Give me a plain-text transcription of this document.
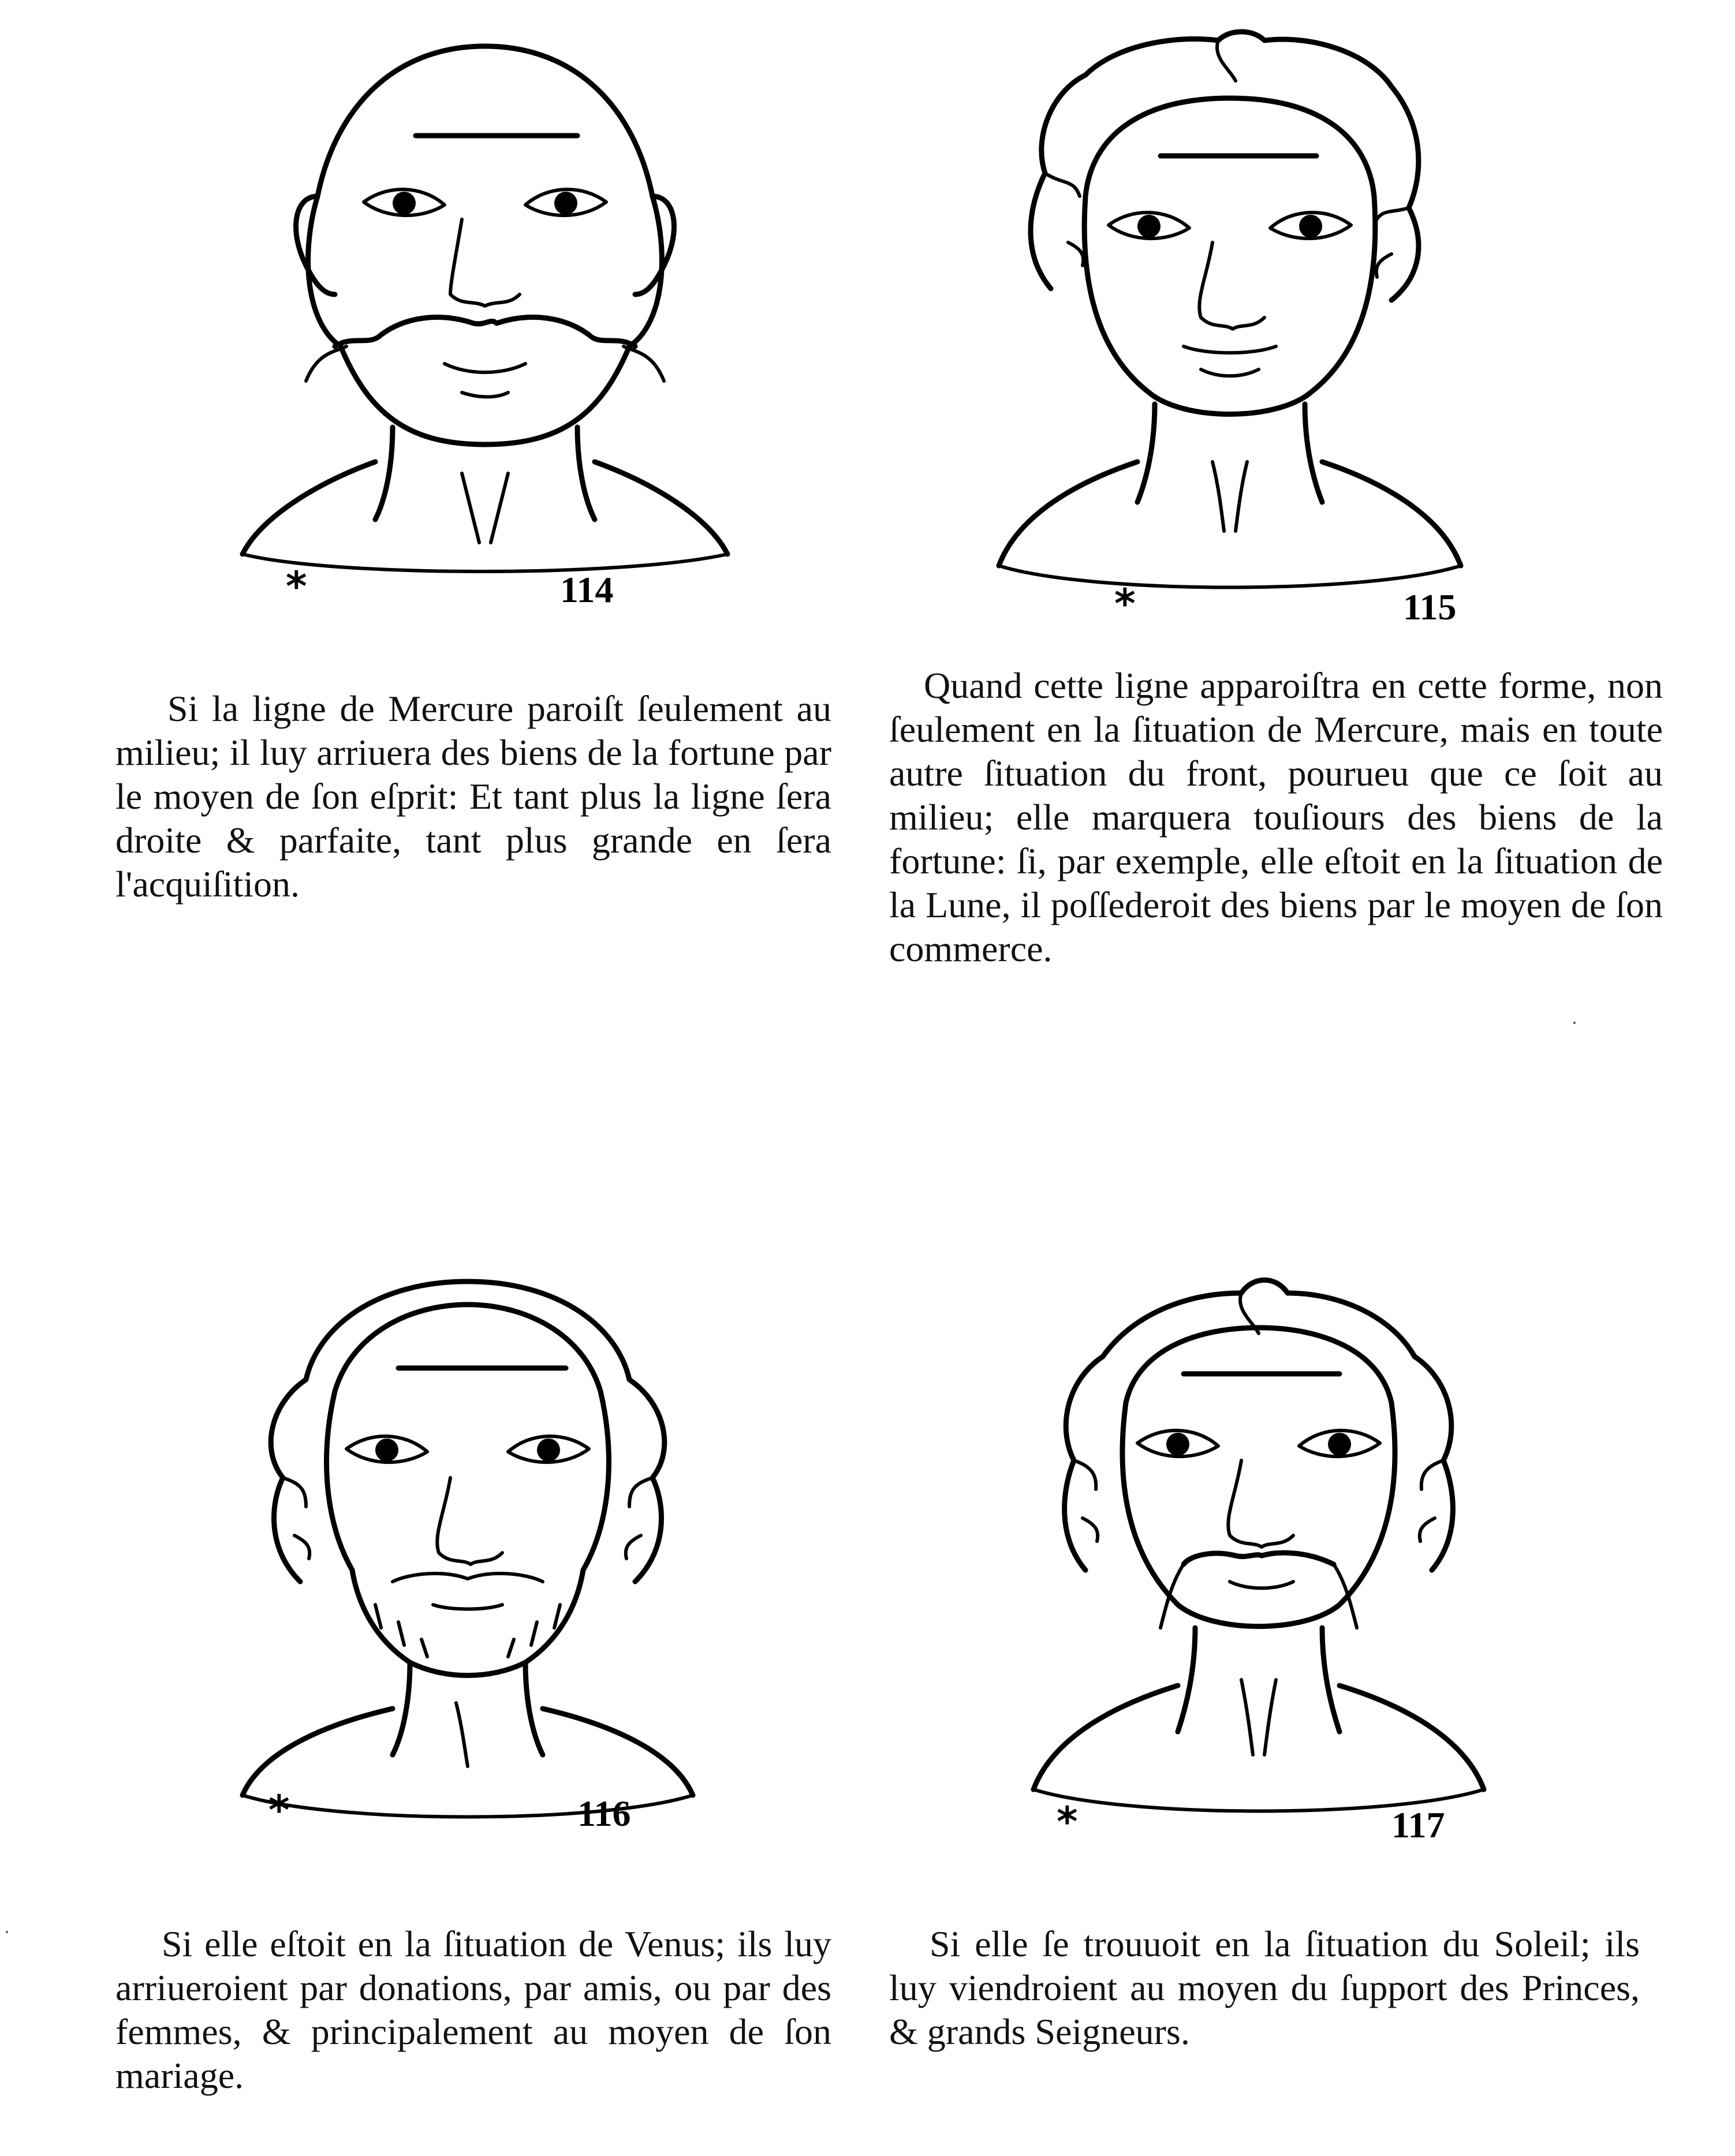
*	114

Si la ligne de Mercure paroiſt ſeulement au milieu; il luy arriuera des biens de la fortune par le moyen de ſon eſprit: Et tant plus la ligne ſera droite & parfaite, tant plus grande en ſera l'acquiſition.

*	115

Quand cette ligne apparoiſtra en cette forme, non ſeulement en la ſituation de Mercure, mais en toute autre ſituation du front, pourueu que ce ſoit au milieu; elle marquera touſiours des biens de la fortune: ſi, par exemple, elle eſtoit en la ſituation de la Lune, il poſſederoit des biens par le moyen de ſon commerce.

*	116

Si elle eſtoit en la ſituation de Venus; ils luy arriueroient par donations, par amis, ou par des femmes, & principalement au moyen de ſon mariage.

*	117

Si elle ſe trouuoit en la ſituation du Soleil; ils luy viendroient au moyen du ſupport des Princes, & grands Seigneurs.
